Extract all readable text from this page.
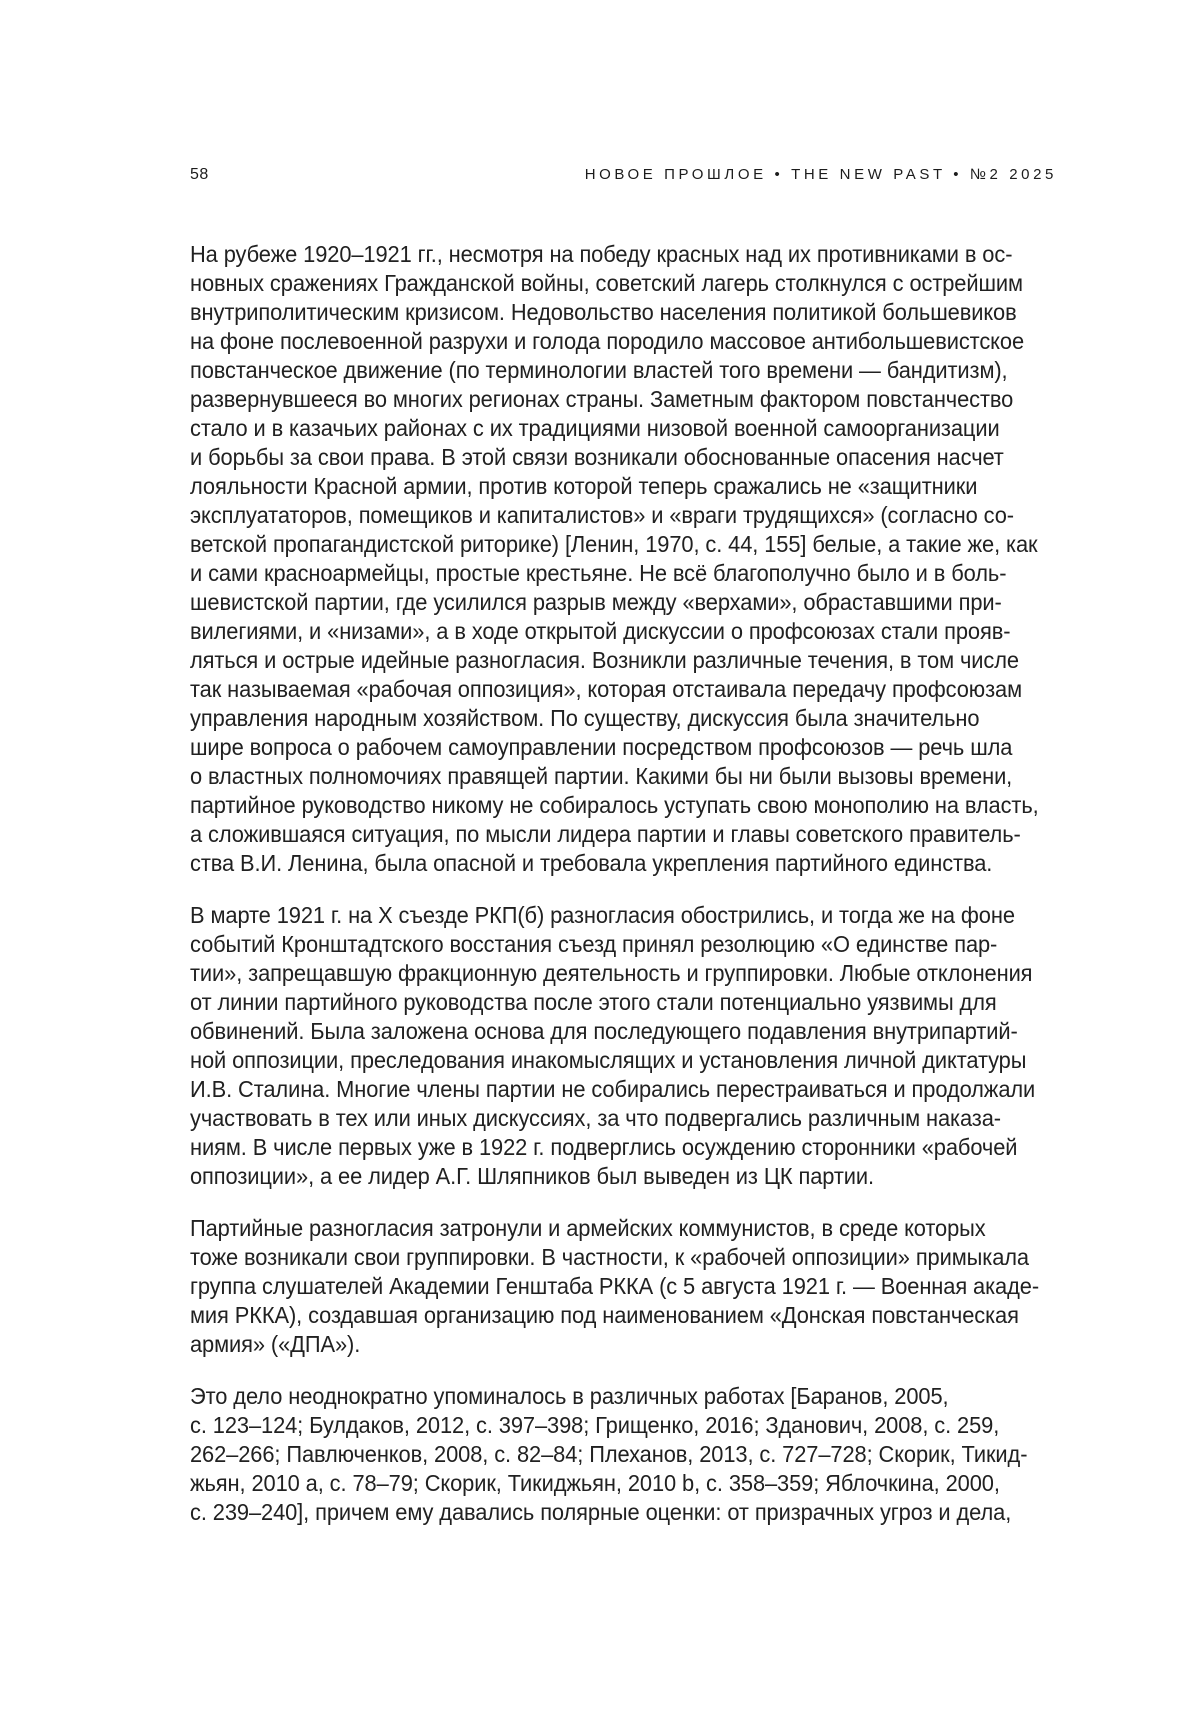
58	НОВОЕ ПРОШЛОЕ • THE NEW PAST • №2 2025
На рубеже 1920–1921 гг., несмотря на победу красных над их противниками в ос-
новных сражениях Гражданской войны, советский лагерь столкнулся с острейшим
внутриполитическим кризисом. Недовольство населения политикой большевиков
на фоне послевоенной разрухи и голода породило массовое антибольшевистское
повстанческое движение (по терминологии властей того времени — бандитизм),
развернувшееся во многих регионах страны. Заметным фактором повстанчество
стало и в казачьих районах с их традициями низовой военной самоорганизации
и борьбы за свои права. В этой связи возникали обоснованные опасения насчет
лояльности Красной армии, против которой теперь сражались не «защитники
эксплуататоров, помещиков и капиталистов» и «враги трудящихся» (согласно со-
ветской пропагандистской риторике) [Ленин, 1970, с. 44, 155] белые, а такие же, как
и сами красноармейцы, простые крестьяне. Не всё благополучно было и в боль-
шевистской партии, где усилился разрыв между «верхами», обраставшими при-
вилегиями, и «низами», а в ходе открытой дискуссии о профсоюзах стали прояв-
ляться и острые идейные разногласия. Возникли различные течения, в том числе
так называемая «рабочая оппозиция», которая отстаивала передачу профсоюзам
управления народным хозяйством. По существу, дискуссия была значительно
шире вопроса о рабочем самоуправлении посредством профсоюзов — речь шла
о властных полномочиях правящей партии. Какими бы ни были вызовы времени,
партийное руководство никому не собиралось уступать свою монополию на власть,
а сложившаяся ситуация, по мысли лидера партии и главы советского правитель-
ства В.И. Ленина, была опасной и требовала укрепления партийного единства.
В марте 1921 г. на X съезде РКП(б) разногласия обострились, и тогда же на фоне
событий Кронштадтского восстания съезд принял резолюцию «О единстве пар-
тии», запрещавшую фракционную деятельность и группировки. Любые отклонения
от линии партийного руководства после этого стали потенциально уязвимы для
обвинений. Была заложена основа для последующего подавления внутрипартий-
ной оппозиции, преследования инакомыслящих и установления личной диктатуры
И.В. Сталина. Многие члены партии не собирались перестраиваться и продолжали
участвовать в тех или иных дискуссиях, за что подвергались различным наказа-
ниям. В числе первых уже в 1922 г. подверглись осуждению сторонники «рабочей
оппозиции», а ее лидер А.Г. Шляпников был выведен из ЦК партии.
Партийные разногласия затронули и армейских коммунистов, в среде которых
тоже возникали свои группировки. В частности, к «рабочей оппозиции» примыкала
группа слушателей Академии Генштаба РККА (с 5 августа 1921 г. — Военная акаде-
мия РККА), создавшая организацию под наименованием «Донская повстанческая
армия» («ДПА»).
Это дело неоднократно упоминалось в различных работах [Баранов, 2005,
с. 123–124; Булдаков, 2012, с. 397–398; Грищенко, 2016; Зданович, 2008, с. 259,
262–266; Павлюченков, 2008, с. 82–84; Плеханов, 2013, с. 727–728; Скорик, Тикид-
жьян, 2010 a, с. 78–79; Скорик, Тикиджьян, 2010 b, с. 358–359; Яблочкина, 2000,
с. 239–240], причем ему давались полярные оценки: от призрачных угроз и дела,
